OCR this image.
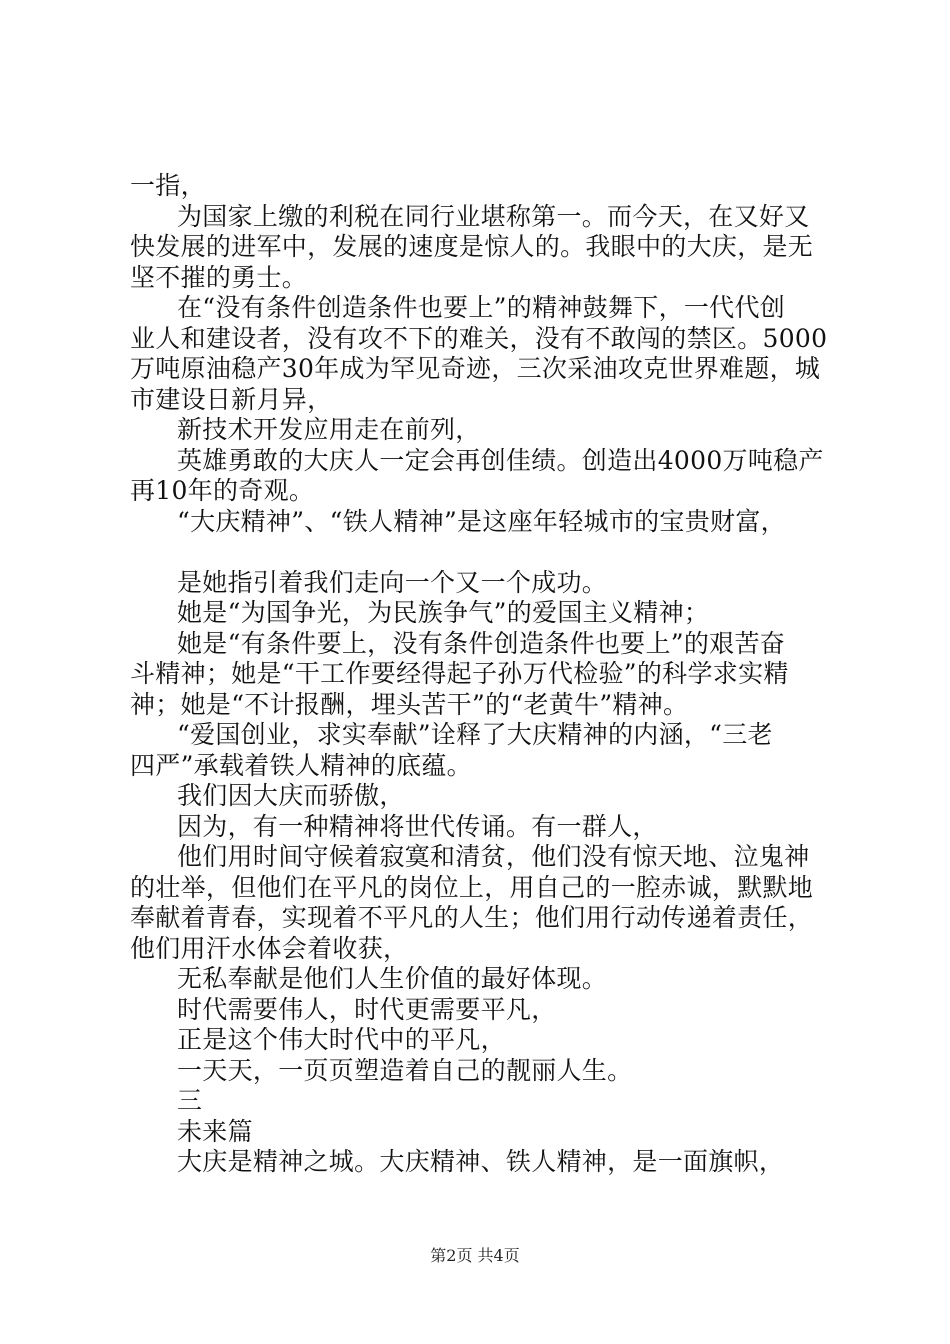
一指，
为国家上缴的利税在同行业堪称第一。而今天，在又好又
快发展的进军中，发展的速度是惊人的。我眼中的大庆，是无
坚不摧的勇士。
在“没有条件创造条件也要上”的精神鼓舞下，一代代创
业人和建设者，没有攻不下的难关，没有不敢闯的禁区。5000
万吨原油稳产30年成为罕见奇迹，三次采油攻克世界难题，城
市建设日新月异，
新技术开发应用走在前列，
英雄勇敢的大庆人一定会再创佳绩。创造出4000万吨稳产
再10年的奇观。
“大庆精神”、“铁人精神”是这座年轻城市的宝贵财富，
是她指引着我们走向一个又一个成功。
她是“为国争光，为民族争气”的爱国主义精神；
她是“有条件要上，没有条件创造条件也要上”的艰苦奋
斗精神；她是“干工作要经得起子孙万代检验”的科学求实精
神；她是“不计报酬，埋头苦干”的“老黄牛”精神。
“爱国创业，求实奉献”诠释了大庆精神的内涵，“三老
四严”承载着铁人精神的底蕴。
我们因大庆而骄傲，
因为，有一种精神将世代传诵。有一群人，
他们用时间守候着寂寞和清贫，他们没有惊天地、泣鬼神
的壮举，但他们在平凡的岗位上，用自己的一腔赤诚，默默地
奉献着青春，实现着不平凡的人生；他们用行动传递着责任，
他们用汗水体会着收获，
无私奉献是他们人生价值的最好体现。
时代需要伟人，时代更需要平凡，
正是这个伟大时代中的平凡，
一天天，一页页塑造着自己的靓丽人生。
三
未来篇
大庆是精神之城。大庆精神、铁人精神，是一面旗帜，
第2页 共4页
